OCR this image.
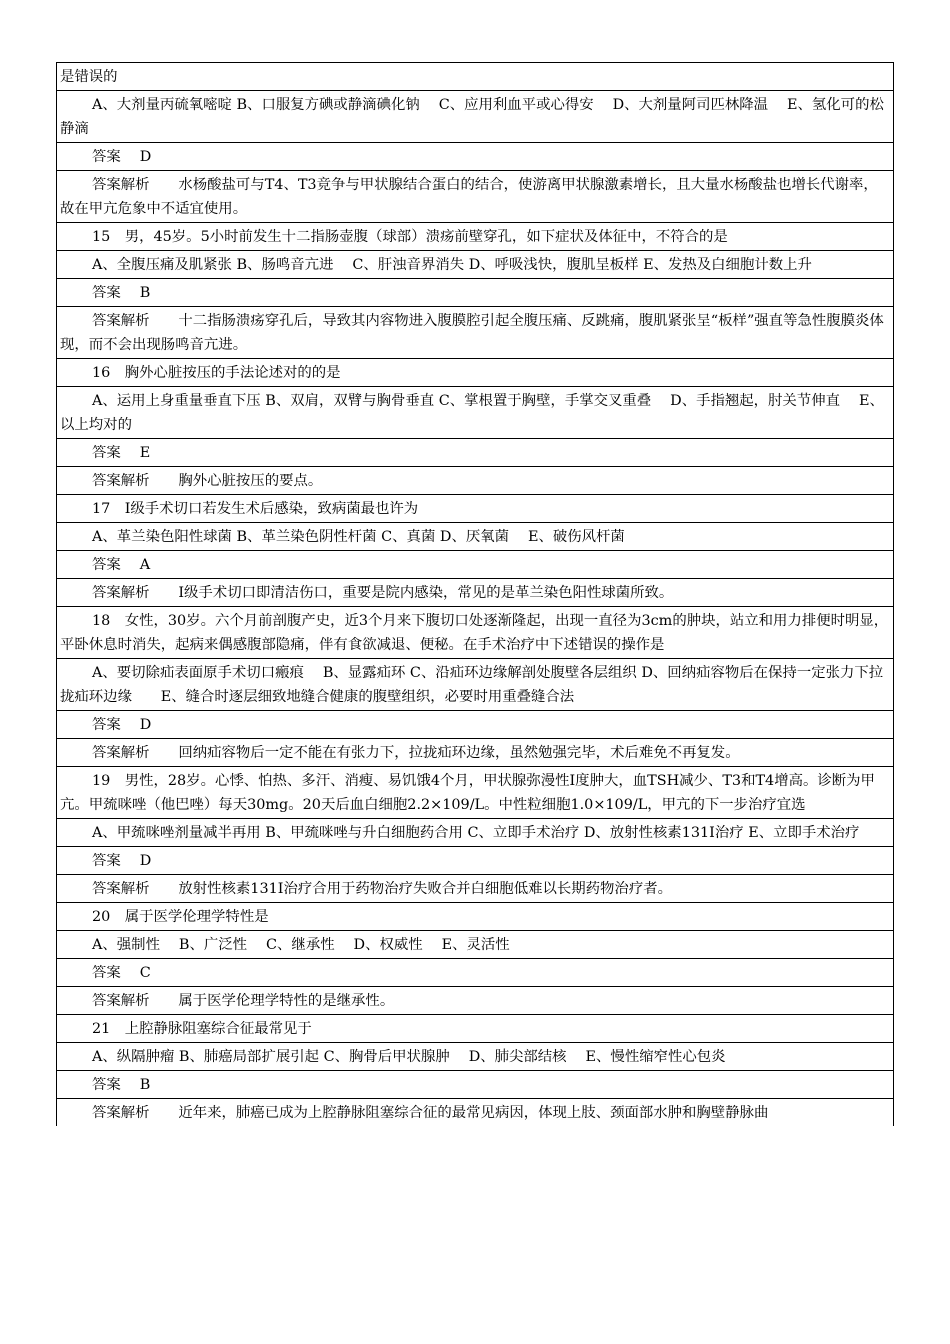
是错误的
A、大剂量丙硫氧嘧啶 B、口服复方碘或静滴碘化钠　 C、应用利血平或心得安　 D、大剂量阿司匹林降温　 E、氢化可的松静滴
答案　 D
答案解析　　水杨酸盐可与T4、T3竞争与甲状腺结合蛋白的结合，使游离甲状腺激素增长，且大量水杨酸盐也增长代谢率，故在甲亢危象中不适宜使用。
15　男，45岁。5小时前发生十二指肠壶腹（球部）溃疡前壁穿孔，如下症状及体征中，不符合的是
A、全腹压痛及肌紧张 B、肠鸣音亢进　 C、肝浊音界消失 D、呼吸浅快，腹肌呈板样 E、发热及白细胞计数上升
答案　 B
答案解析　　十二指肠溃疡穿孔后，导致其内容物进入腹膜腔引起全腹压痛、反跳痛，腹肌紧张呈“板样”强直等急性腹膜炎体现，而不会出现肠鸣音亢进。
16　胸外心脏按压的手法论述对的的是
A、运用上身重量垂直下压 B、双肩，双臂与胸骨垂直 C、掌根置于胸壁，手掌交叉重叠　 D、手指翘起，肘关节伸直　 E、以上均对的
答案　 E
答案解析　　胸外心脏按压的要点。
17　Ⅰ级手术切口若发生术后感染，致病菌最也许为
A、革兰染色阳性球菌 B、革兰染色阴性杆菌 C、真菌 D、厌氧菌　 E、破伤风杆菌
答案　 A
答案解析　　Ⅰ级手术切口即清洁伤口，重要是院内感染，常见的是革兰染色阳性球菌所致。
18　女性，30岁。六个月前剖腹产史，近3个月来下腹切口处逐渐隆起，出现一直径为3cm的肿块，站立和用力排便时明显，平卧休息时消失，起病来偶感腹部隐痛，伴有食欲减退、便秘。在手术治疗中下述错误的操作是
A、要切除疝表面原手术切口瘢痕　 B、显露疝环 C、沿疝环边缘解剖处腹壁各层组织 D、回纳疝容物后在保持一定张力下拉拢疝环边缘　　E、缝合时逐层细致地缝合健康的腹壁组织，必要时用重叠缝合法
答案　 D
答案解析　　回纳疝容物后一定不能在有张力下，拉拢疝环边缘，虽然勉强完毕，术后难免不再复发。
19　男性，28岁。心悸、怕热、多汗、消瘦、易饥饿4个月，甲状腺弥漫性Ⅰ度肿大，血TSH减少、T3和T4增高。诊断为甲亢。甲巯咪唑（他巴唑）每天30mg。20天后血白细胞2.2×109/L。中性粒细胞1.0×109/L，甲亢的下一步治疗宜选
A、甲巯咪唑剂量减半再用 B、甲巯咪唑与升白细胞药合用 C、立即手术治疗 D、放射性核素131Ⅰ治疗 E、立即手术治疗
答案　 D
答案解析　　放射性核素131Ⅰ治疗合用于药物治疗失败合并白细胞低难以长期药物治疗者。
20　属于医学伦理学特性是
A、强制性　 B、广泛性　 C、继承性　 D、权威性　 E、灵活性
答案　 C
答案解析　　属于医学伦理学特性的是继承性。
21　上腔静脉阻塞综合征最常见于
A、纵隔肿瘤 B、肺癌局部扩展引起 C、胸骨后甲状腺肿　 D、肺尖部结核　 E、慢性缩窄性心包炎
答案　 B
答案解析　　近年来，肺癌已成为上腔静脉阻塞综合征的最常见病因，体现上肢、颈面部水肿和胸壁静脉曲
